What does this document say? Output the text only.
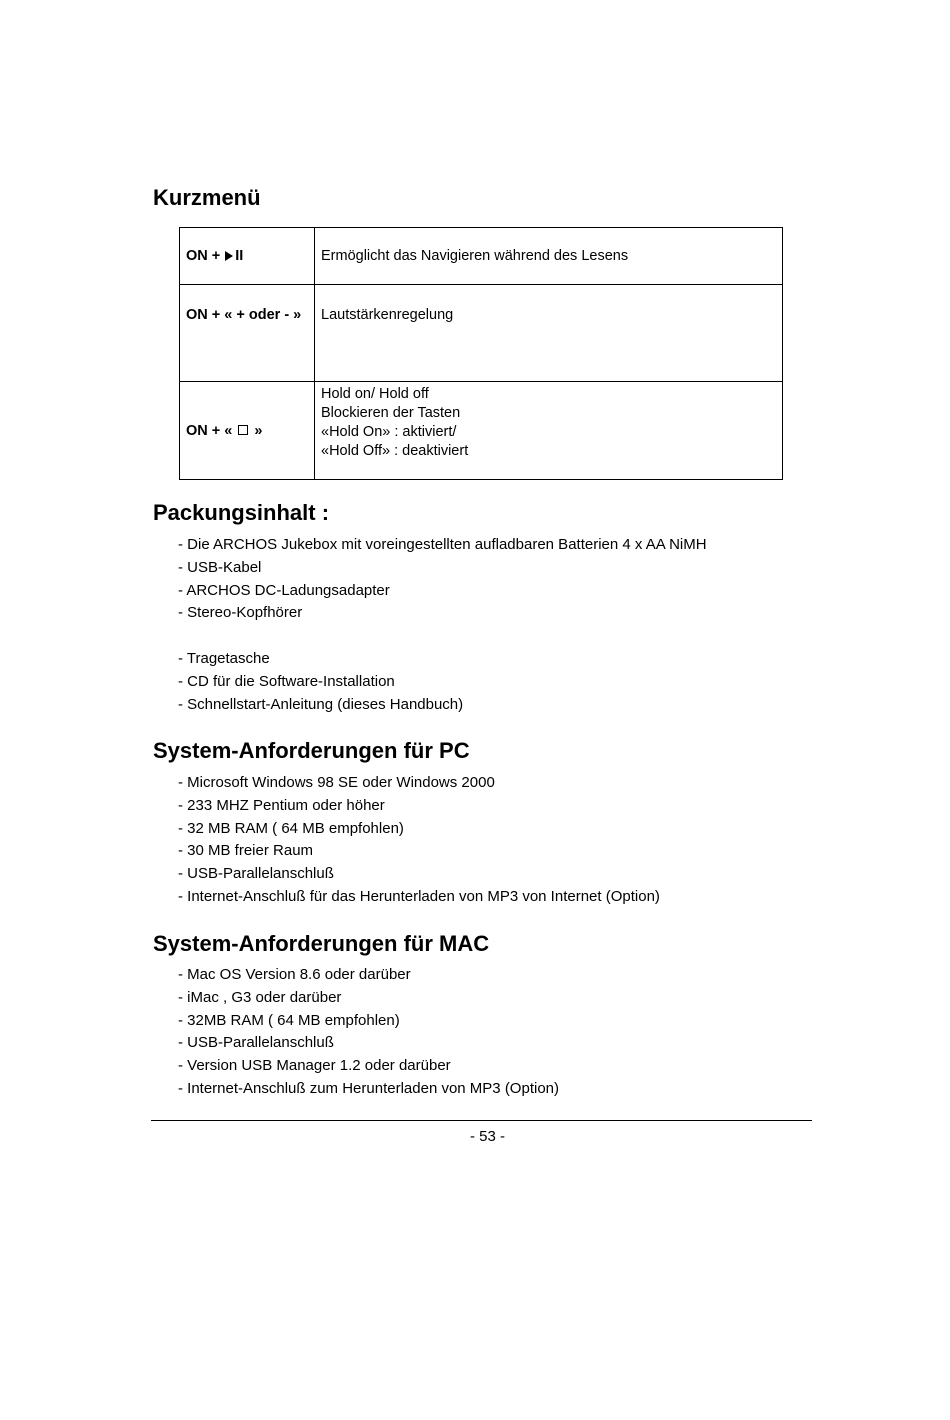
Kurzmenü
ON + II	Ermöglicht das Navigieren während des Lesens
ON + « + oder - »	Lautstärkenregelung
ON + « »	Hold on/ Hold off
Blockieren der Tasten
«Hold On» : aktiviert/
«Hold Off» : deaktiviert
Packungsinhalt :
- Die ARCHOS Jukebox mit voreingestellten aufladbaren Batterien 4 x AA NiMH
- USB-Kabel
- ARCHOS DC-Ladungsadapter
- Stereo-Kopfhörer
- Tragetasche
- CD für die Software-Installation
- Schnellstart-Anleitung (dieses Handbuch)
System-Anforderungen für PC
- Microsoft Windows 98 SE oder Windows 2000
- 233 MHZ Pentium oder höher
- 32 MB RAM ( 64 MB empfohlen)
- 30 MB freier Raum
- USB-Parallelanschluß
- Internet-Anschluß für das Herunterladen von MP3 von Internet (Option)
System-Anforderungen für MAC
- Mac OS Version 8.6 oder darüber
- iMac , G3 oder darüber
- 32MB RAM ( 64 MB empfohlen)
- USB-Parallelanschluß
- Version USB Manager 1.2 oder darüber
- Internet-Anschluß zum Herunterladen von MP3 (Option)
- 53 -
